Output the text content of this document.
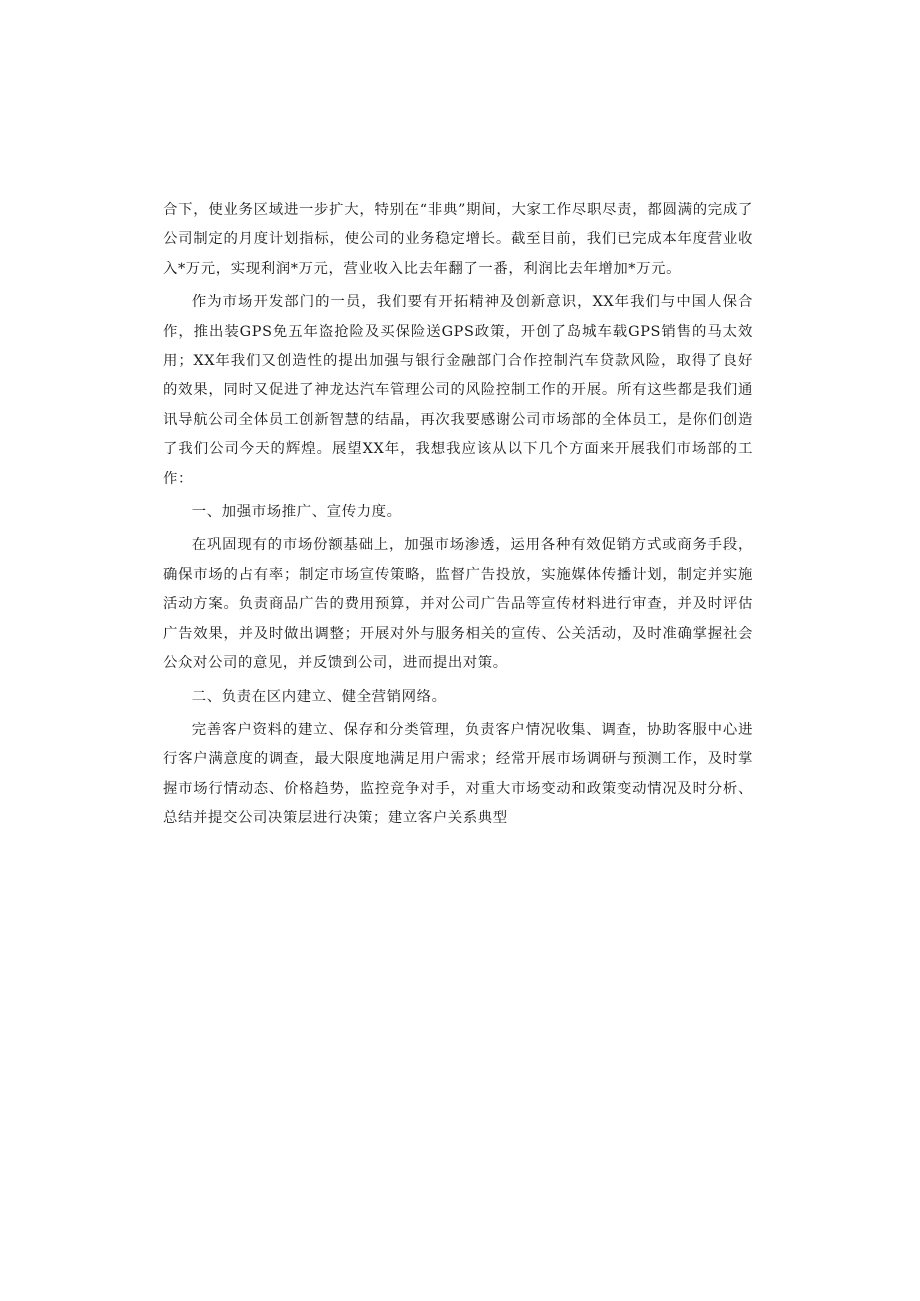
合下，使业务区域进一步扩大，特别在“非典”期间，大家工作尽职尽责，都圆满的完成了公司制定的月度计划指标，使公司的业务稳定增长。截至目前，我们已完成本年度营业收入*万元，实现利润*万元，营业收入比去年翻了一番，利润比去年增加*万元。

作为市场开发部门的一员，我们要有开拓精神及创新意识，XX年我们与中国人保合作，推出装GPS免五年盗抢险及买保险送GPS政策，开创了岛城车载GPS销售的马太效用；XX年我们又创造性的提出加强与银行金融部门合作控制汽车贷款风险，取得了良好的效果，同时又促进了神龙达汽车管理公司的风险控制工作的开展。所有这些都是我们通讯导航公司全体员工创新智慧的结晶，再次我要感谢公司市场部的全体员工，是你们创造了我们公司今天的辉煌。展望XX年，我想我应该从以下几个方面来开展我们市场部的工作：

一、加强市场推广、宣传力度。

在巩固现有的市场份额基础上，加强市场渗透，运用各种有效促销方式或商务手段，确保市场的占有率；制定市场宣传策略，监督广告投放，实施媒体传播计划，制定并实施活动方案。负责商品广告的费用预算，并对公司广告品等宣传材料进行审查，并及时评估广告效果，并及时做出调整；开展对外与服务相关的宣传、公关活动，及时准确掌握社会公众对公司的意见，并反馈到公司，进而提出对策。

二、负责在区内建立、健全营销网络。

完善客户资料的建立、保存和分类管理，负责客户情况收集、调查，协助客服中心进行客户满意度的调查，最大限度地满足用户需求；经常开展市场调研与预测工作，及时掌握市场行情动态、价格趋势，监控竞争对手，对重大市场变动和政策变动情况及时分析、总结并提交公司决策层进行决策；建立客户关系典型
